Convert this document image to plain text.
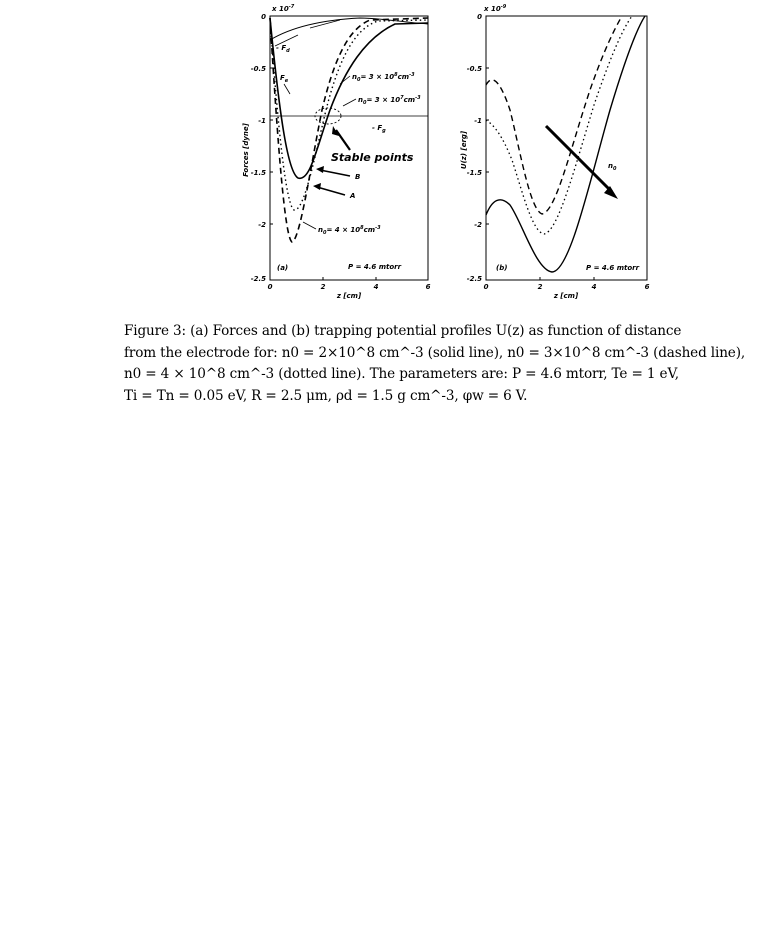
0
-0.5
-1
-1.5
-2
-2.5
0	2	4	6
x $10^{-7}$
z [cm]
Forces [dyne]
(a)	P = 4.6 mtorr
- $F_d$
$F_e$	$n_0= 3 \times 10^8cm^{-3}$
$n_0= 3 \times 10^7cm^{-3}$
- $F_g$
Stable points
B
A
$n_0= 4 \times 10^8cm^{-3}$
0
-0.5
-1
-1.5
-2
-2.5
0	2	4	6
x $10^{-9}$
z [cm]
U(z) [erg]
(b)	P = 4.6 mtorr
$n_0$
Figure 3: (a) Forces and (b) trapping potential profiles U(z) as function of distance
from the electrode for: n0 = 2×10^8 cm^-3 (solid line), n0 = 3×10^8 cm^-3 (dashed line),
n0 = 4 × 10^8 cm^-3 (dotted line). The parameters are: P = 4.6 mtorr, Te = 1 eV,
Ti = Tn = 0.05 eV, R = 2.5 μm, ρd = 1.5 g cm^-3, φw = 6 V.
